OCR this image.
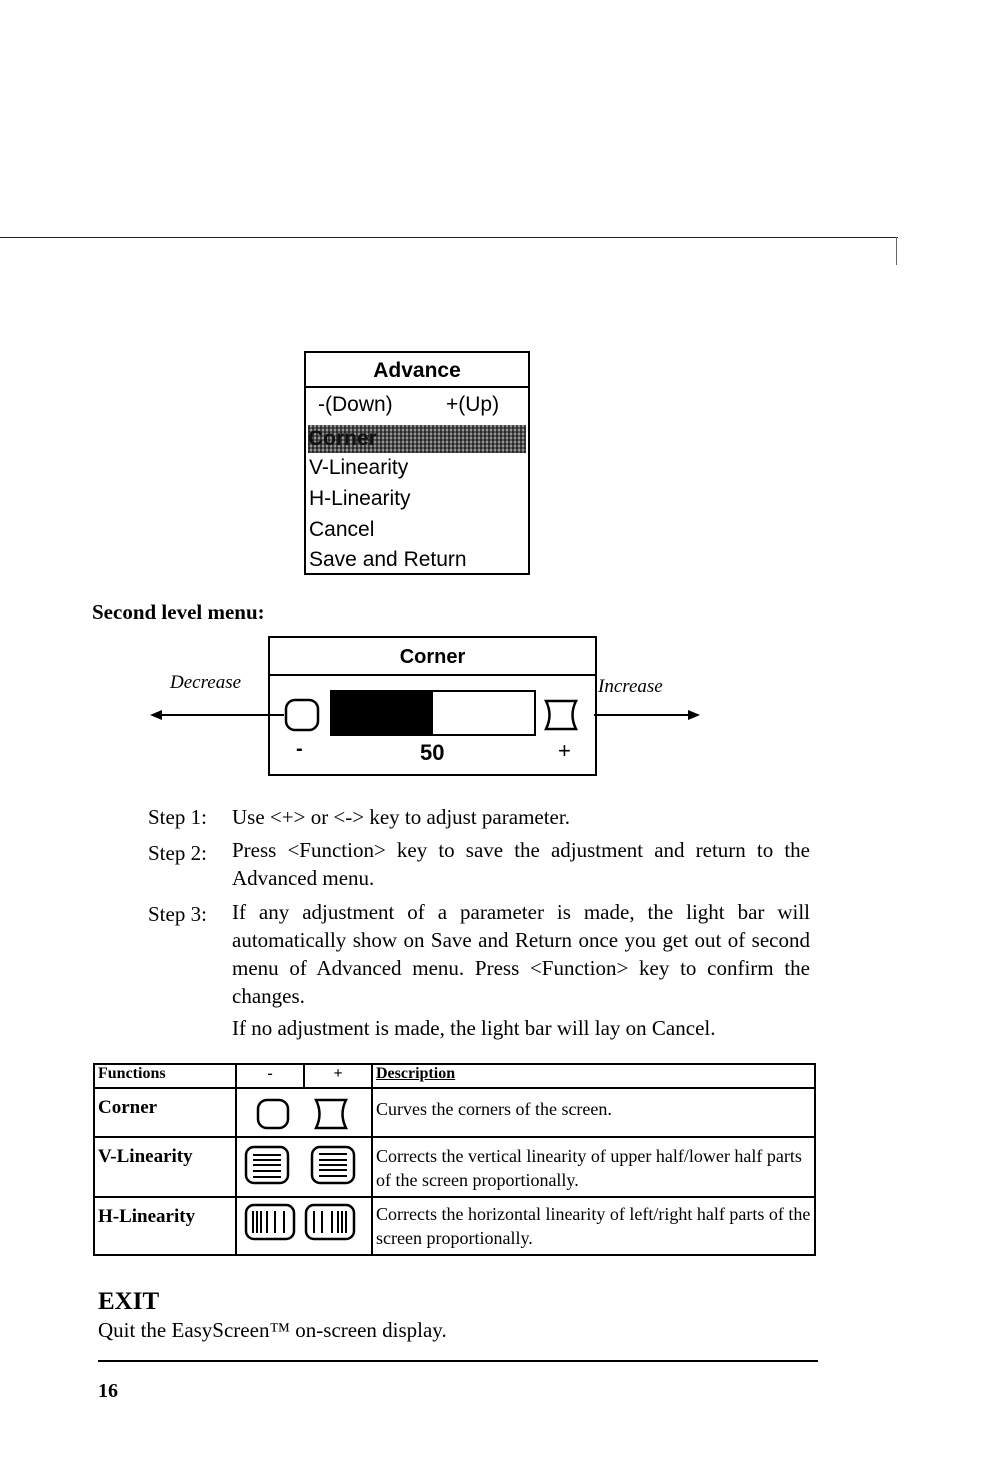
Advance
-(Down)	+(Up)
Corner
V-Linearity
H-Linearity
Cancel
Save and Return
Second level menu:
Decrease	Increase
Corner
-	50	+
Step 1: Use <+> or <-> key to adjust parameter.
Step 2: Press <Function> key to save the adjustment and return to the Advanced menu.
Step 3: If any adjustment of a parameter is made, the light bar will automatically show on Save and Return once you get out of second menu of Advanced menu. Press <Function> key to confirm the changes.
If no adjustment is made, the light bar will lay on Cancel.
Functions	-	+	Description
Corner			Curves the corners of the screen.
V-Linearity			Corrects the vertical linearity of upper half/lower half parts of the screen proportionally.
H-Linearity			Corrects the horizontal linearity of left/right half parts of the screen proportionally.
EXIT
Quit the EasyScreen™ on-screen display.
16
